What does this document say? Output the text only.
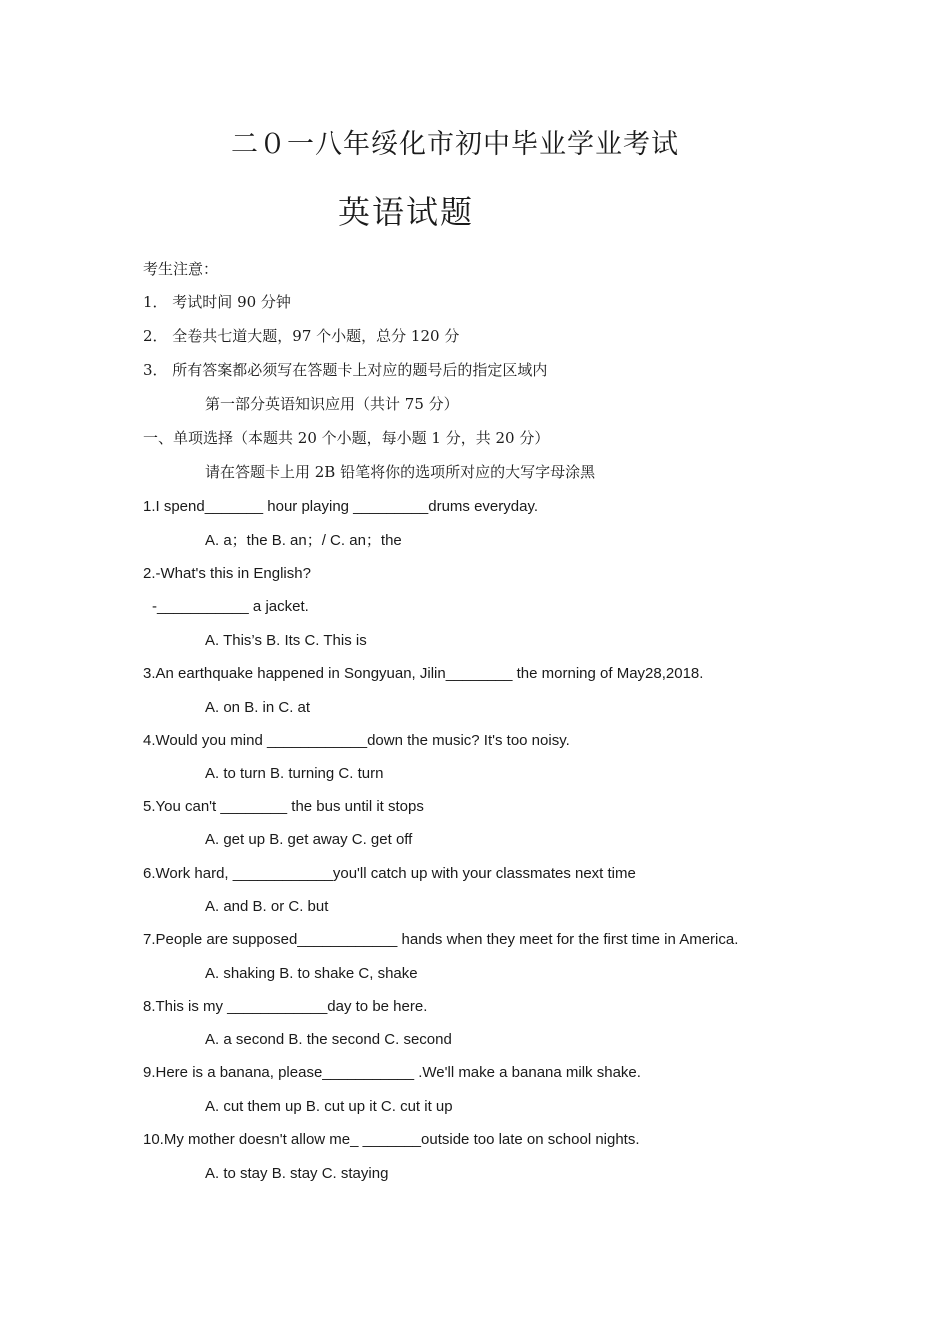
二０一八年绥化市初中毕业学业考试
英语试题
考生注意：
1． 考试时间 90 分钟
2． 全卷共七道大题，97 个小题，总分 120 分
3． 所有答案都必须写在答题卡上对应的题号后的指定区域内
第一部分英语知识应用（共计 75 分）
一、单项选择（本题共 20 个小题，每小题 1 分，共 20 分）
请在答题卡上用 2B 铅笔将你的选项所对应的大写字母涂黑
1.I spend_______ hour playing _________drums everyday.
A. a；the B. an；/ C. an；the
2.-What's this in English?
-___________ a jacket.
A. This’s B. Its C. This is
3.An earthquake happened in Songyuan, Jilin________ the morning of May28,2018.
A. on B. in C. at
4.Would you mind ____________down the music? It's too noisy.
A. to turn B. turning C. turn
5.You can't ________ the bus until it stops
A. get up B. get away C. get off
6.Work hard, ____________you'll catch up with your classmates next time
A. and B. or C. but
7.People are supposed____________ hands when they meet for the first time in America.
A. shaking B. to shake C, shake
8.This is my ____________day to be here.
A. a second B. the second C. second
9.Here is a banana, please___________ .We'll make a banana milk shake.
A. cut them up B. cut up it C. cut it up
10.My mother doesn't allow me_ _______outside too late on school nights.
A. to stay B. stay C. staying
